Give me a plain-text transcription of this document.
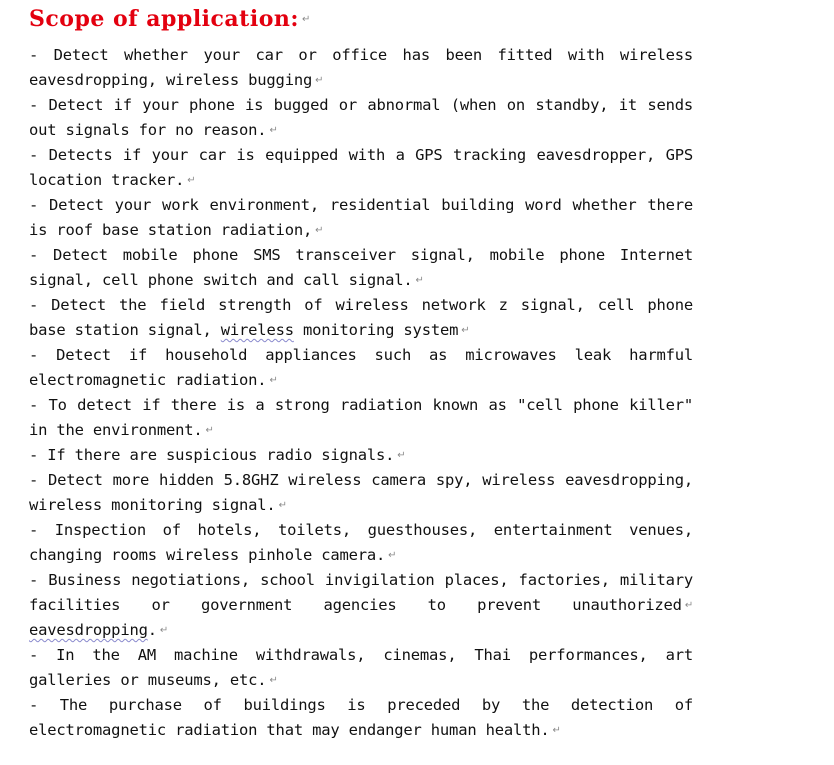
Scope of application: ↵
- Detect whether your car or office has been fitted with wireless eavesdropping, wireless bugging ↵
- Detect if your phone is bugged or abnormal (when on standby, it sends out signals for no reason. ↵
- Detects if your car is equipped with a GPS tracking eavesdropper, GPS location tracker. ↵
- Detect your work environment, residential building word whether there is roof base station radiation, ↵
- Detect mobile phone SMS transceiver signal, mobile phone Internet signal, cell phone switch and call signal. ↵
- Detect the field strength of wireless network z signal, cell phone base station signal, wireless monitoring system ↵
- Detect if household appliances such as microwaves leak harmful electromagnetic radiation. ↵
- To detect if there is a strong radiation known as "cell phone killer" in the environment. ↵
- If there are suspicious radio signals. ↵
- Detect more hidden 5.8GHZ wireless camera spy, wireless eavesdropping, wireless monitoring signal. ↵
- Inspection of hotels, toilets, guesthouses, entertainment venues, changing rooms wireless pinhole camera. ↵
- Business negotiations, school invigilation places, factories, military facilities or government agencies to prevent unauthorized ↵ eavesdropping. ↵
- In the AM machine withdrawals, cinemas, Thai performances, art galleries or museums, etc. ↵
- The purchase of buildings is preceded by the detection of electromagnetic radiation that may endanger human health. ↵
